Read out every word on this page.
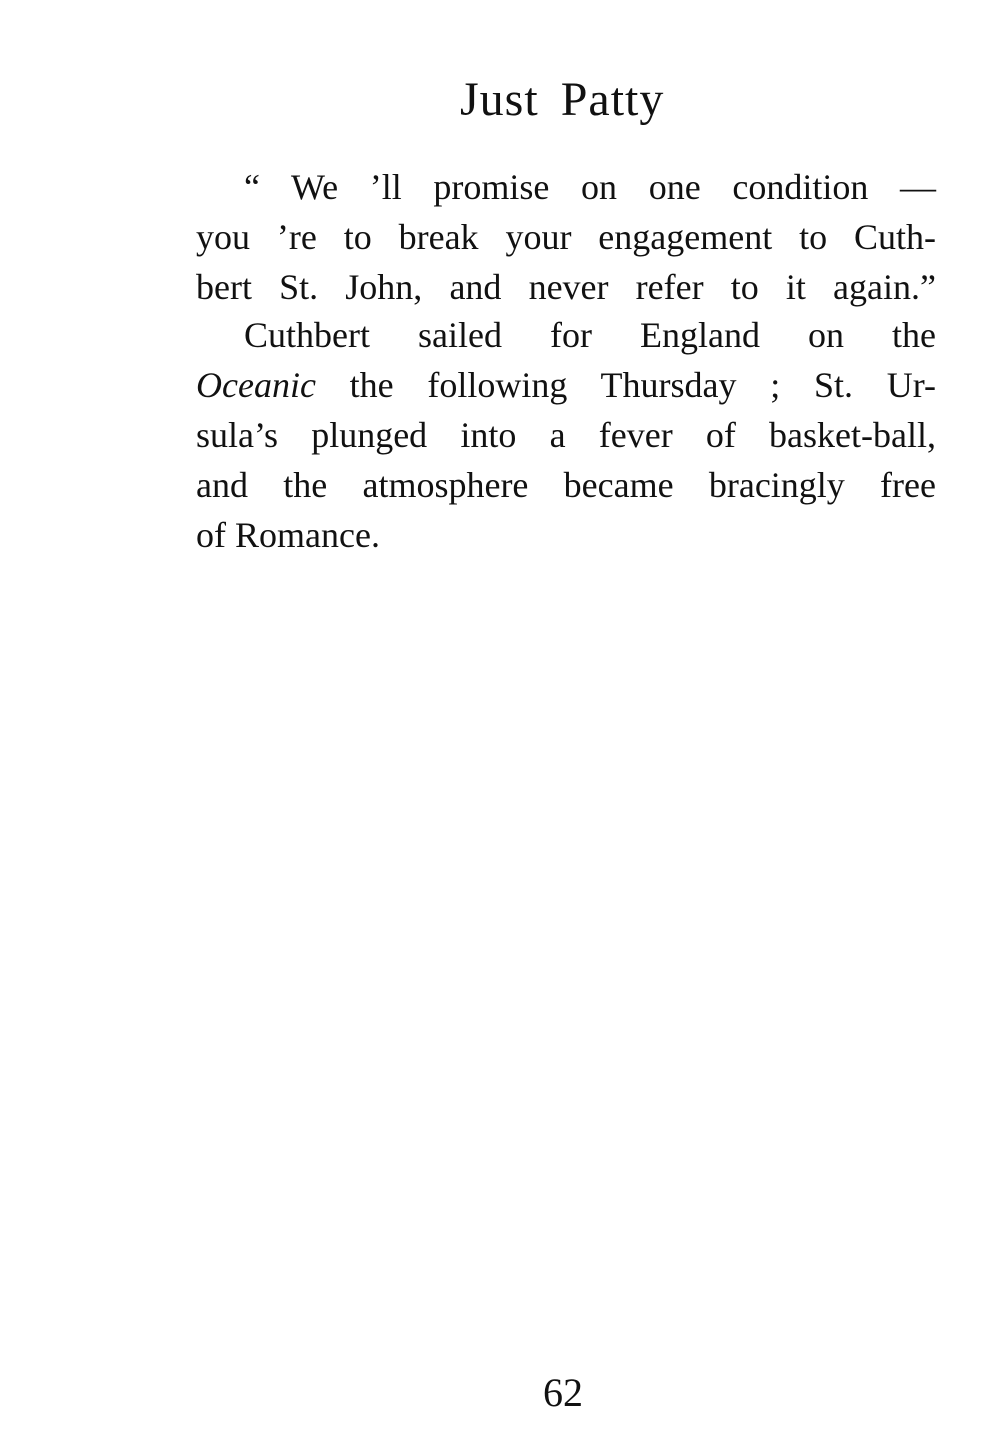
Just Patty
“ We ’ll promise on one condition —
you ’re to break your engagement to Cuth-
bert St. John, and never refer to it again.”
Cuthbert sailed for England on the
Oceanic the following Thursday ; St. Ur-
sula’s plunged into a fever of basket-ball,
and the atmosphere became bracingly free
of Romance.
62
